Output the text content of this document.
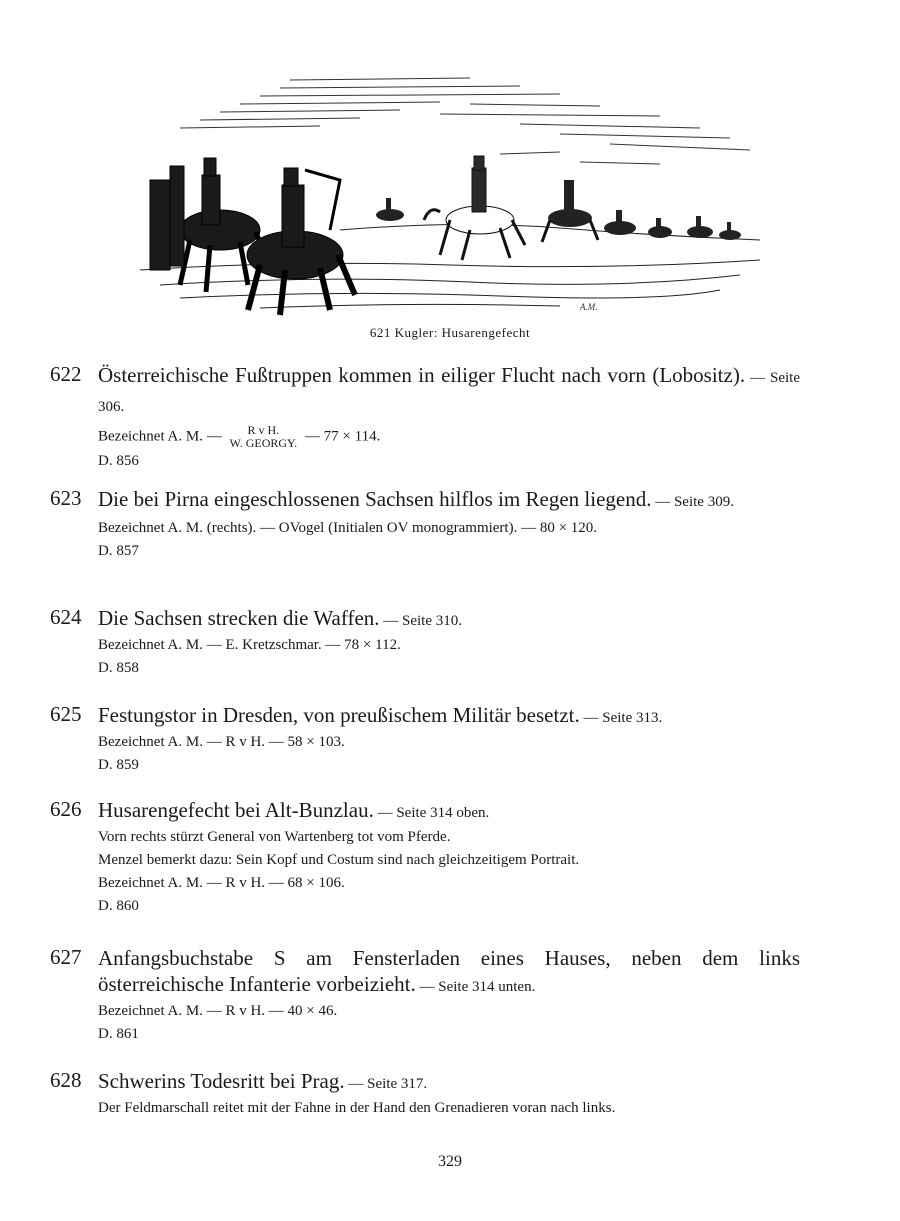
A.M.
621 Kugler: Husarengefecht
622 Österreichische Fußtruppen kommen in eiliger Flucht nach vorn (Lobositz). — Seite 306.
Bezeichnet A. M. —	R v H.
W. GEORGY. — 77 × 114.
D. 856
623 Die bei Pirna eingeschlossenen Sachsen hilflos im Regen liegend. — Seite 309.
Bezeichnet A. M. (rechts). — OVogel (Initialen OV monogrammiert). — 80 × 120.
D. 857
624 Die Sachsen strecken die Waffen. — Seite 310.
Bezeichnet A. M. — E. Kretzschmar. — 78 × 112.
D. 858
625 Festungstor in Dresden, von preußischem Militär besetzt. — Seite 313.
Bezeichnet A. M. — R v H. — 58 × 103.
D. 859
626 Husarengefecht bei Alt-Bunzlau. — Seite 314 oben.
Vorn rechts stürzt General von Wartenberg tot vom Pferde.
Menzel bemerkt dazu: Sein Kopf und Costum sind nach gleichzeitigem Portrait.
Bezeichnet A. M. — R v H. — 68 × 106.
D. 860
627 Anfangsbuchstabe S am Fensterladen eines Hauses, neben dem links österreichische Infanterie vorbeizieht. — Seite 314 unten.
Bezeichnet A. M. — R v H. — 40 × 46.
D. 861
628 Schwerins Todesritt bei Prag. — Seite 317.
Der Feldmarschall reitet mit der Fahne in der Hand den Grenadieren voran nach links.
329
